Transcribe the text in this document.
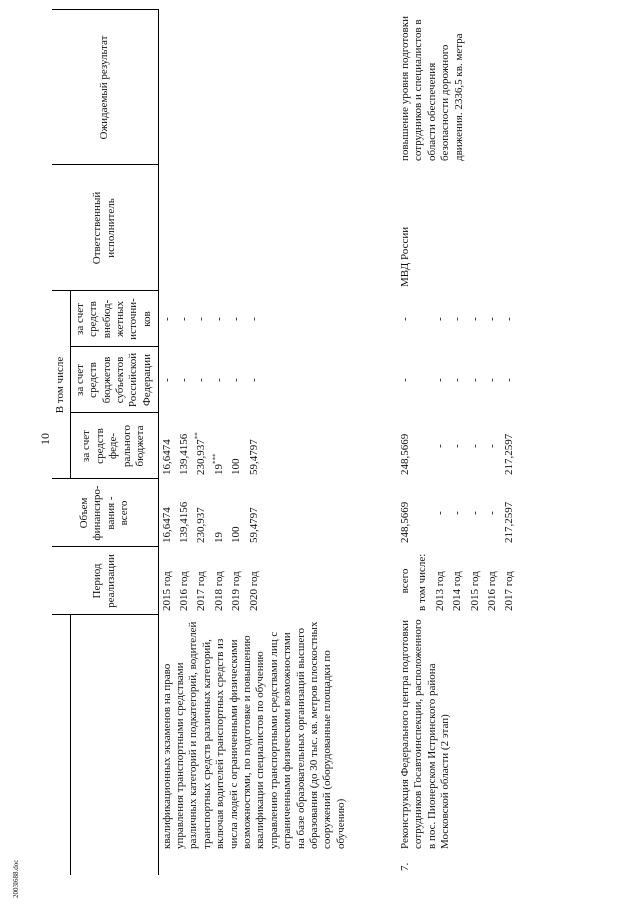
10
2003l688.doc
		Период реализации	Объем финансиро-вания - всего	В том числе			Ответственный исполнитель	Ожидаемый результат
				за счет средств феде-рального бюджета	за счет средств бюджетов субъектов Российской Федерации	за счет средств внебюд-жетных источни-ков		
	квалификационных экзаменов на право управления транспортными средствами различных категорий и подкатегорий, водителей транспортных средств различных категорий, включая водителей транспортных средств из числа людей с ограниченными физическими возможностями, по подготовке и повышению квалификации специалистов по обучению управлению транспортными средствами лиц с ограниченными физическими возможностями на базе образовательных организаций высшего образования (до 30 тыс. кв. метров плоскостных сооружений (оборудованные площадки по обучению)	2015 год	16,6474	16,6474	-	-		
		2016 год	139,4156	139,4156	-	-		
		2017 год	230,937	230,937**	-	-		
		2018 год	19	19***	-	-		
		2019 год	100	100	-	-		
		2020 год	59,4797	59,4797	-	-		

7.	Реконструкция Федерального центра подготовки сотрудников Госавтоинспекции, расположенного в пос. Пионерском Истринского района Московской области (2 этап)	всего	248,5669	248,5669	-	-	МВД России	повышение уровня подготовки сотрудников и специалистов в области обеспечения безопасности дорожного движения. 2336,5 кв. метра
		в том числе:						
		2013 год	-	-	-	-		
		2014 год	-	-	-	-		
		2015 год	-	-	-	-		
		2016 год	-	-	-	-		
		2017 год	217,2597	217,2597	-	-		
